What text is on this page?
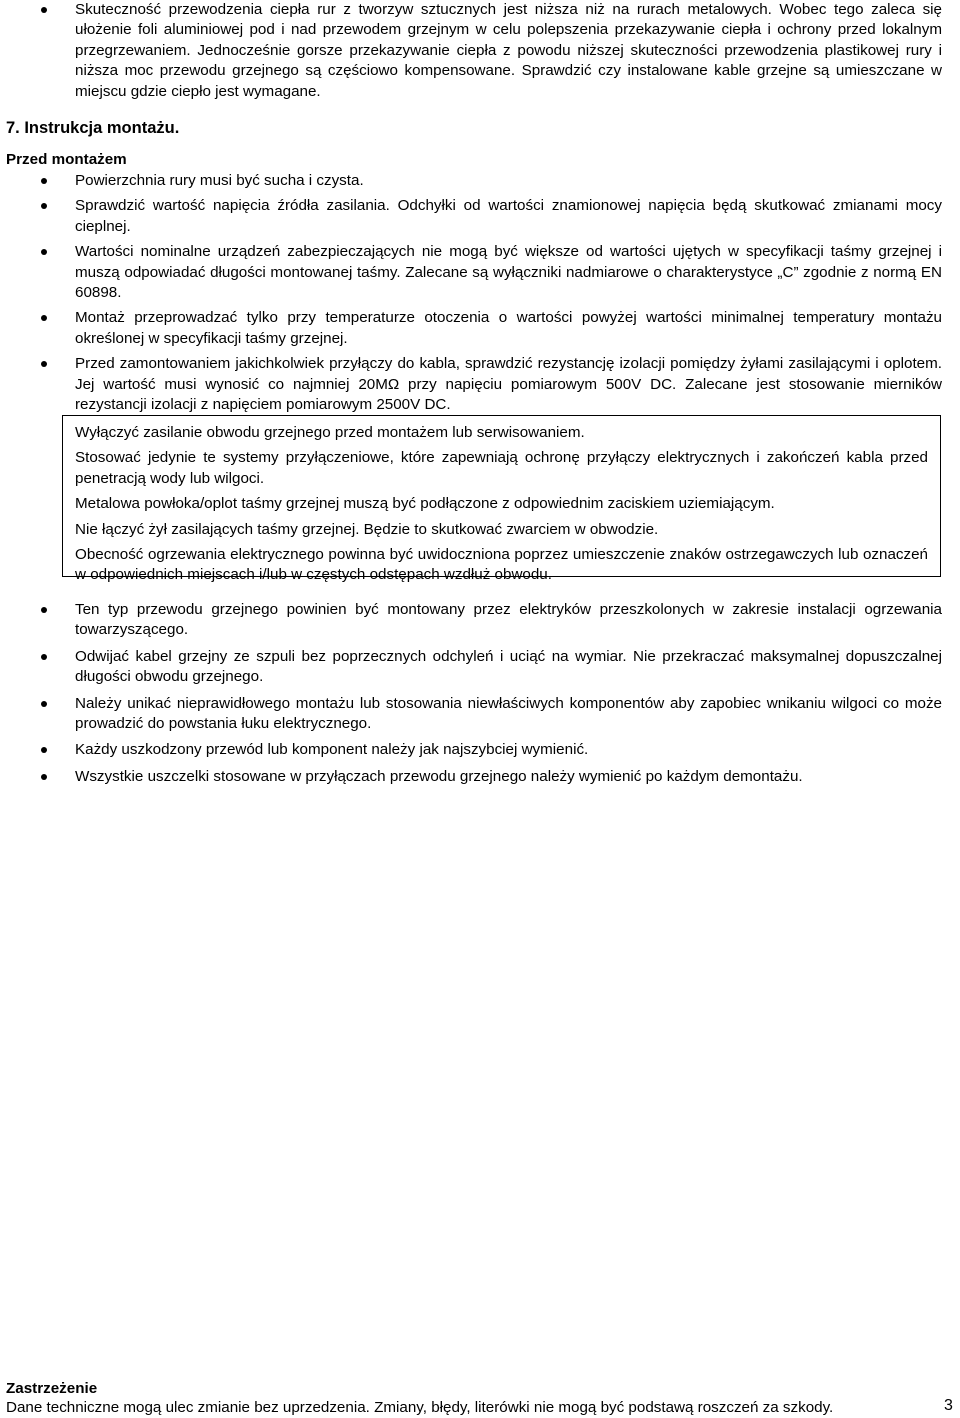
Skuteczność przewodzenia ciepła rur z tworzyw sztucznych jest niższa niż na rurach metalowych. Wobec tego zaleca się ułożenie foli aluminiowej pod i nad przewodem grzejnym w celu polepszenia przekazywanie ciepła i ochrony przed lokalnym przegrzewaniem. Jednocześnie gorsze przekazywanie ciepła z powodu niższej skuteczności przewodzenia plastikowej rury i niższa moc przewodu grzejnego są częściowo kompensowane. Sprawdzić czy instalowane kable grzejne są umieszczane w miejscu gdzie ciepło jest wymagane.
7. Instrukcja montażu.
Przed montażem
Powierzchnia rury musi być sucha i czysta.
Sprawdzić wartość napięcia źródła zasilania. Odchyłki od wartości znamionowej napięcia będą skutkować zmianami mocy cieplnej.
Wartości nominalne urządzeń zabezpieczających nie mogą być większe od wartości ujętych w specyfikacji taśmy grzejnej i muszą odpowiadać długości montowanej taśmy. Zalecane są wyłączniki nadmiarowe o charakterystyce „C” zgodnie z normą EN 60898.
Montaż przeprowadzać tylko przy temperaturze otoczenia o wartości powyżej wartości minimalnej temperatury montażu określonej w specyfikacji taśmy grzejnej.
Przed zamontowaniem jakichkolwiek przyłączy do kabla, sprawdzić rezystancję izolacji pomiędzy żyłami zasilającymi i oplotem. Jej wartość musi wynosić co najmniej 20MΩ przy napięciu pomiarowym 500V DC. Zalecane jest stosowanie mierników rezystancji izolacji z napięciem pomiarowym 2500V DC.

Wyłączyć zasilanie obwodu grzejnego przed montażem lub serwisowaniem.

Stosować jedynie te systemy przyłączeniowe, które zapewniają ochronę przyłączy elektrycznych i zakończeń kabla przed penetracją wody lub wilgoci.

Metalowa powłoka/oplot taśmy grzejnej muszą być podłączone z odpowiednim zaciskiem uziemiającym.

Nie łączyć żył zasilających taśmy grzejnej. Będzie to skutkować zwarciem w obwodzie.

Obecność ogrzewania elektrycznego powinna być uwidoczniona poprzez umieszczenie znaków ostrzegawczych lub oznaczeń w odpowiednich miejscach i/lub w częstych odstępach wzdłuż obwodu.

Ten typ przewodu grzejnego powinien być montowany przez elektryków przeszkolonych w zakresie instalacji ogrzewania towarzyszącego.
Odwijać kabel grzejny ze szpuli bez poprzecznych odchyleń i uciąć na wymiar. Nie przekraczać maksymalnej dopuszczalnej długości obwodu grzejnego.
Należy unikać nieprawidłowego montażu lub stosowania niewłaściwych komponentów aby zapobiec wnikaniu wilgoci co może prowadzić do powstania łuku elektrycznego.
Każdy uszkodzony przewód lub komponent należy jak najszybciej wymienić.
Wszystkie uszczelki stosowane w przyłączach przewodu grzejnego należy wymienić po każdym demontażu.
Zastrzeżenie
Dane techniczne mogą ulec zmianie bez uprzedzenia. Zmiany, błędy, literówki nie mogą być podstawą roszczeń za szkody.	3
